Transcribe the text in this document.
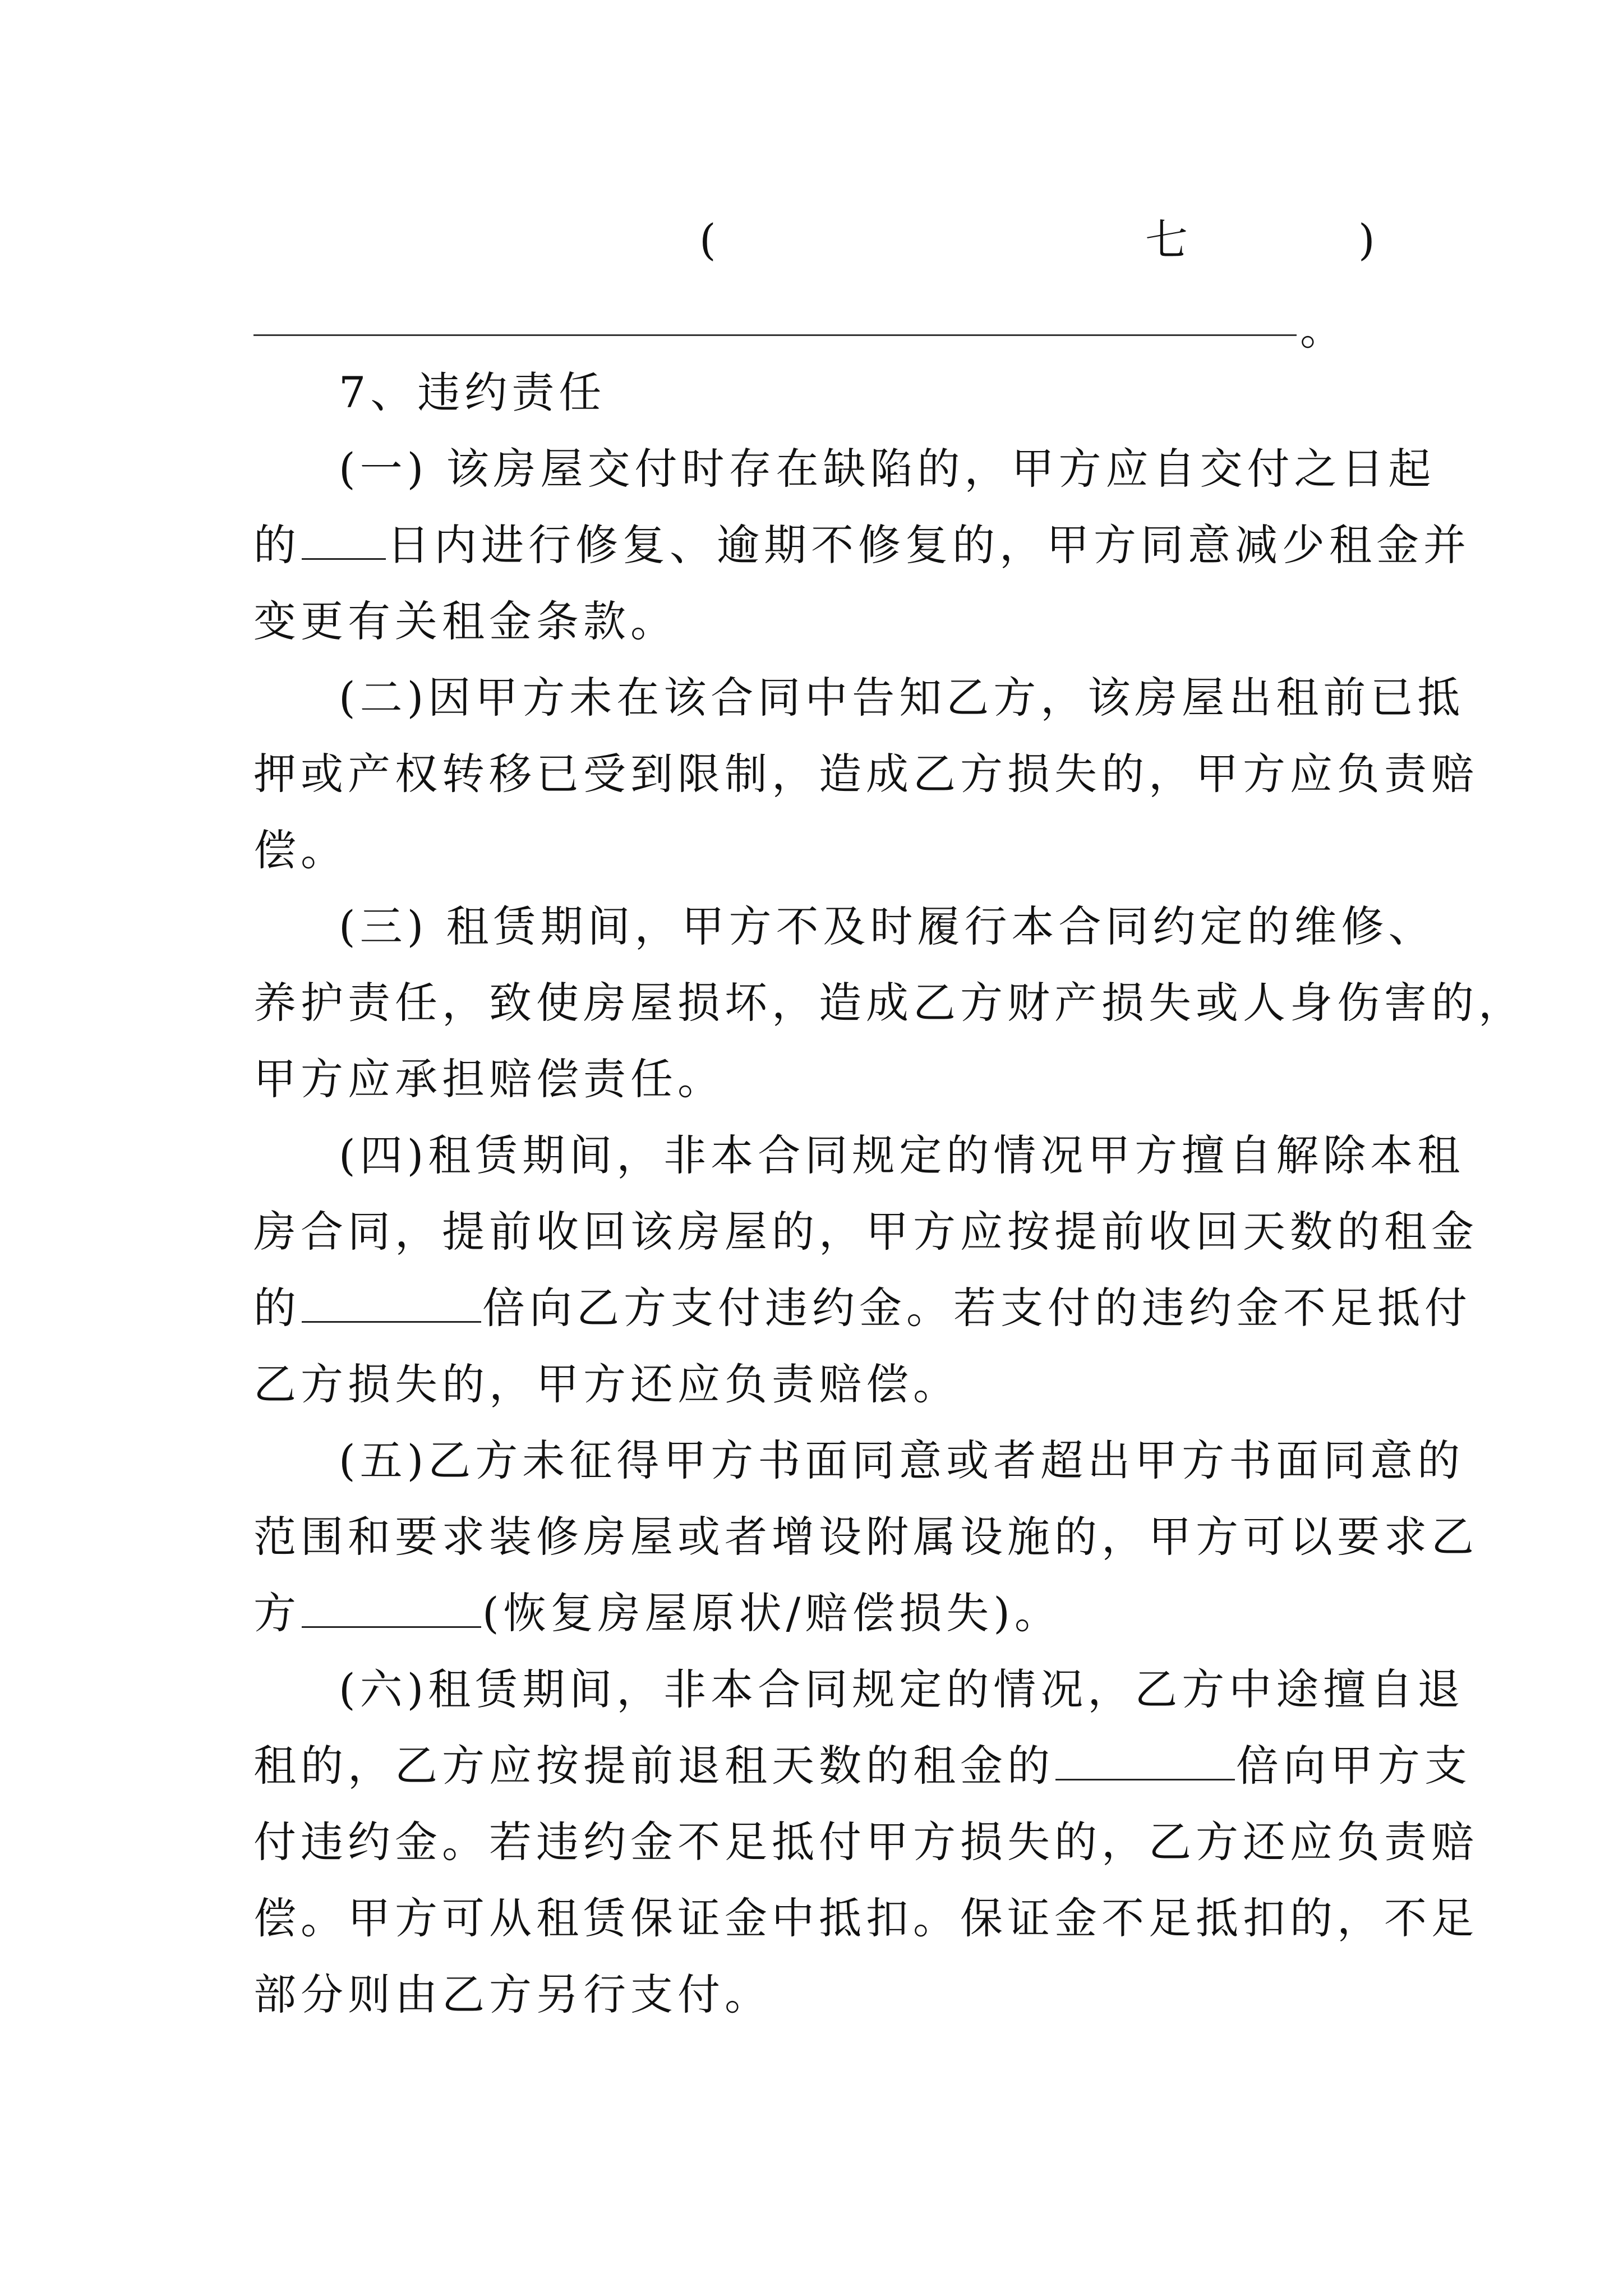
(	七	)
。
7、违约责任
(一) 该房屋交付时存在缺陷的，甲方应自交付之日起
的 日内进行修复、逾期不修复的，甲方同意减少租金并
变更有关租金条款。
(二)因甲方未在该合同中告知乙方，该房屋出租前已抵
押或产权转移已受到限制，造成乙方损失的，甲方应负责赔
偿。
(三) 租赁期间，甲方不及时履行本合同约定的维修、
养护责任，致使房屋损坏，造成乙方财产损失或人身伤害的，
甲方应承担赔偿责任。
(四)租赁期间，非本合同规定的情况甲方擅自解除本租
房合同，提前收回该房屋的，甲方应按提前收回天数的租金
的	倍向乙方支付违约金。若支付的违约金不足抵付
乙方损失的，甲方还应负责赔偿。
(五)乙方未征得甲方书面同意或者超出甲方书面同意的
范围和要求装修房屋或者增设附属设施的，甲方可以要求乙
方	(恢复房屋原状/赔偿损失)。
(六)租赁期间，非本合同规定的情况，乙方中途擅自退
租的，乙方应按提前退租天数的租金的	倍向甲方支
付违约金。若违约金不足抵付甲方损失的，乙方还应负责赔
偿。甲方可从租赁保证金中抵扣。保证金不足抵扣的，不足
部分则由乙方另行支付。
